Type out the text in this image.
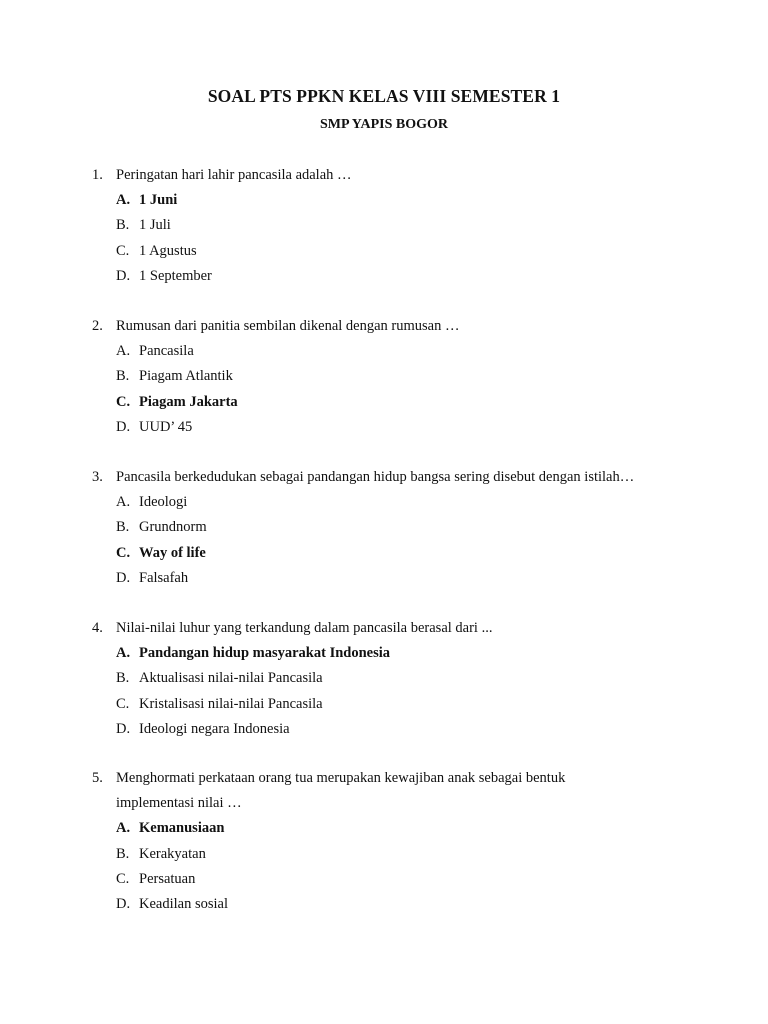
SOAL PTS PPKN KELAS VIII SEMESTER 1
SMP YAPIS BOGOR
1. Peringatan hari lahir pancasila adalah …
A. 1 Juni
B. 1 Juli
C. 1 Agustus
D. 1 September
2. Rumusan dari panitia sembilan dikenal dengan rumusan …
A. Pancasila
B. Piagam Atlantik
C. Piagam Jakarta
D. UUD’ 45
3. Pancasila berkedudukan sebagai pandangan hidup bangsa sering disebut dengan istilah…
A. Ideologi
B. Grundnorm
C. Way of life
D. Falsafah
4. Nilai-nilai luhur yang terkandung dalam pancasila berasal dari ...
A. Pandangan hidup masyarakat Indonesia
B. Aktualisasi nilai-nilai Pancasila
C. Kristalisasi nilai-nilai Pancasila
D. Ideologi negara Indonesia
5. Menghormati perkataan orang tua merupakan kewajiban anak sebagai bentuk
implementasi nilai …
A. Kemanusiaan
B. Kerakyatan
C. Persatuan
D. Keadilan sosial
